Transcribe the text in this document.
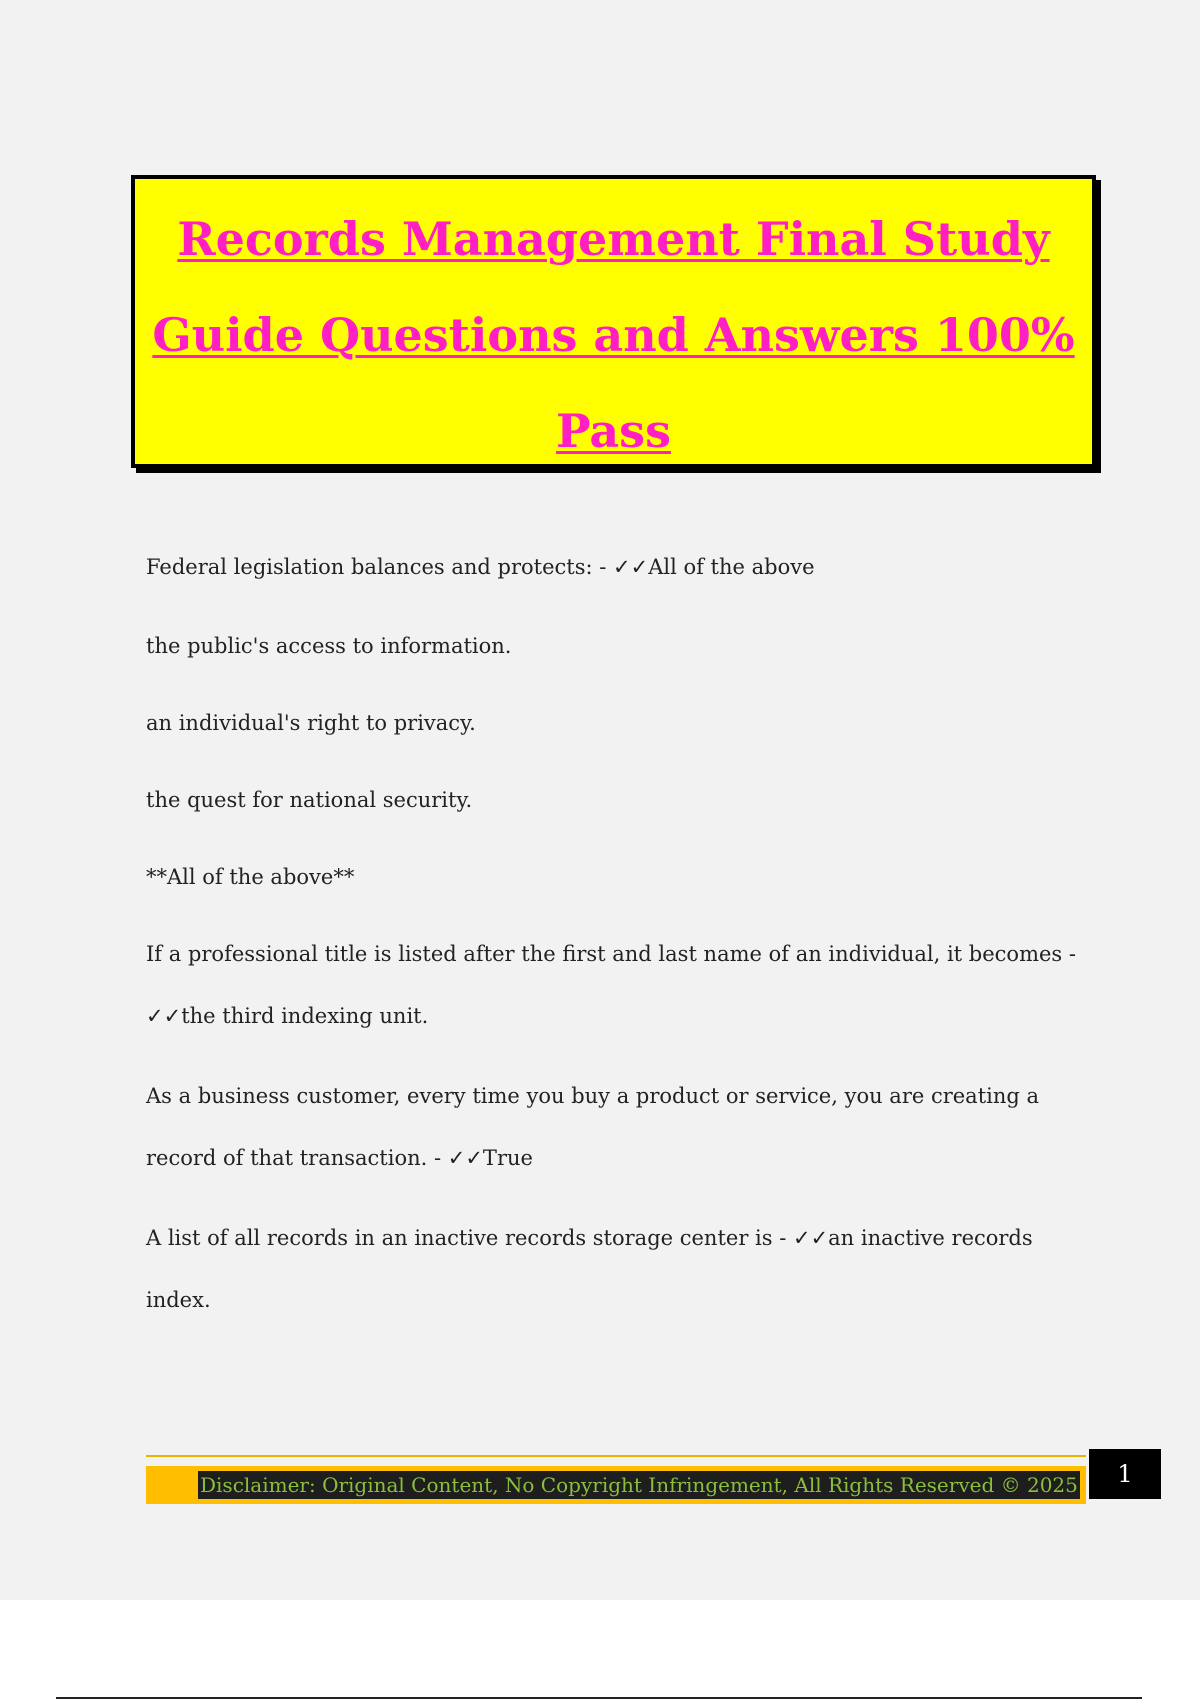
Records Management Final Study
Guide Questions and Answers 100%
Pass
Federal legislation balances and protects: - ✓✓All of the above
the public's access to information.
an individual's right to privacy.
the quest for national security.
**All of the above**
If a professional title is listed after the first and last name of an individual, it becomes -
✓✓the third indexing unit.
As a business customer, every time you buy a product or service, you are creating a
record of that transaction. - ✓✓True
A list of all records in an inactive records storage center is - ✓✓an inactive records
index.
Disclaimer: Original Content, No Copyright Infringement, All Rights Reserved © 2025	1
